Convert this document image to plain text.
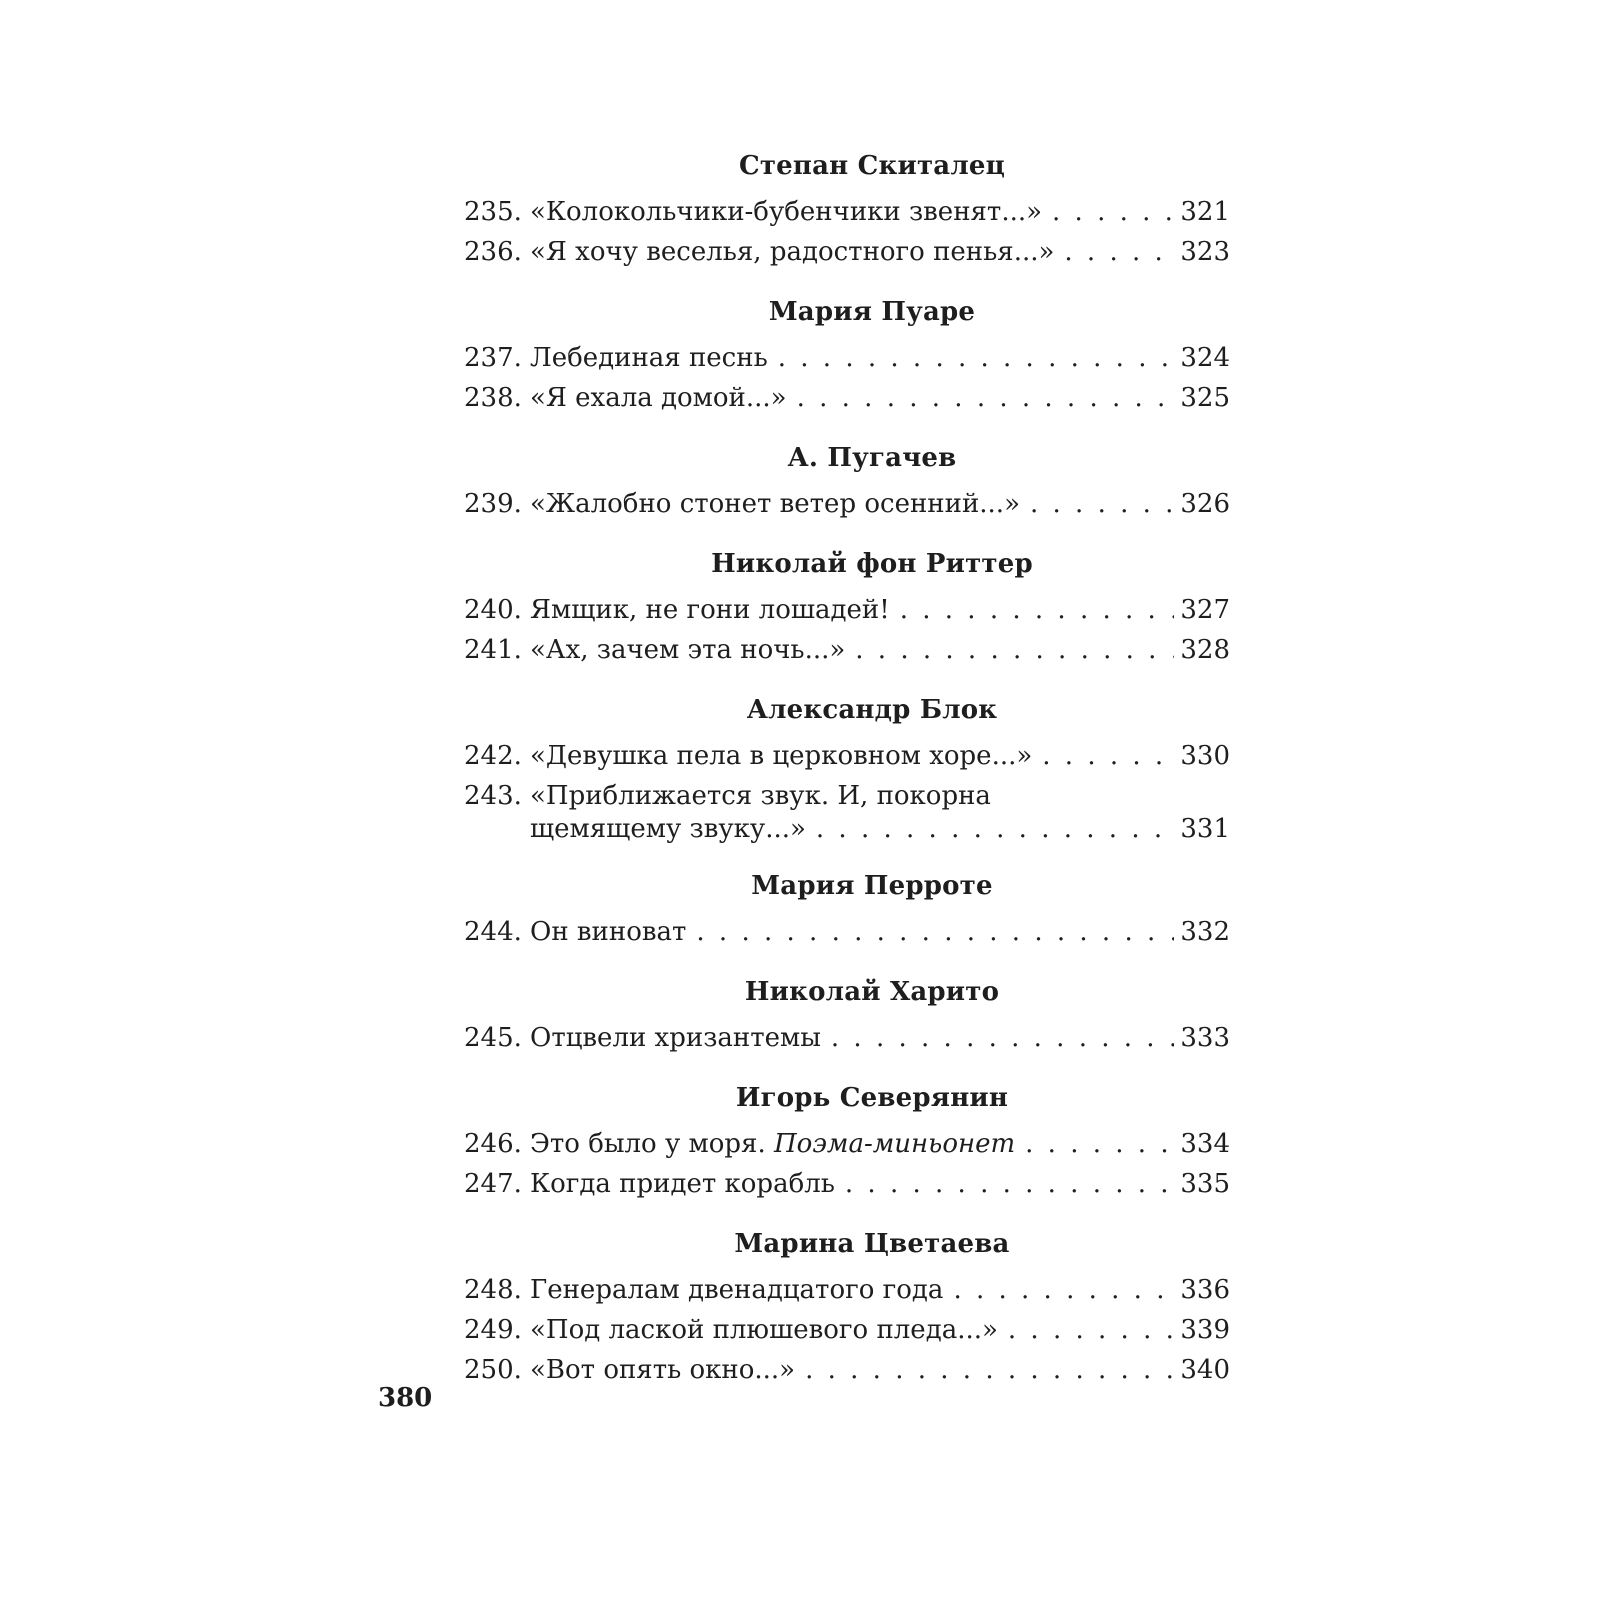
Степан Скиталец
235. «Колокольчики-бубенчики звенят...» . . .	321
236. «Я хочу веселья, радостного пенья...» . . .	323
Мария Пуаре
237. Лебединая песнь . . .	324
238. «Я ехала домой...» . . .	325
А. Пугачев
239. «Жалобно стонет ветер осенний...» . . .	326
Николай фон Риттер
240. Ямщик, не гони лошадей! . . .	327
241. «Ах, зачем эта ночь...» . . .	328
Александр Блок
242. «Девушка пела в церковном хоре...» . . .	330
243. «Приближается звук. И, покорна
щемящему звуку...» . . .	331
Мария Перроте
244. Он виноват . . .	332
Николай Харито
245. Отцвели хризантемы . . .	333
Игорь Северянин
246. Это было у моря. Поэма-миньонет . . .	334
247. Когда придет корабль . . .	335
Марина Цветаева
248. Генералам двенадцатого года . . .	336
249. «Под лаской плюшевого пледа...» . . .	339
250. «Вот опять окно...» . . .	340
380
